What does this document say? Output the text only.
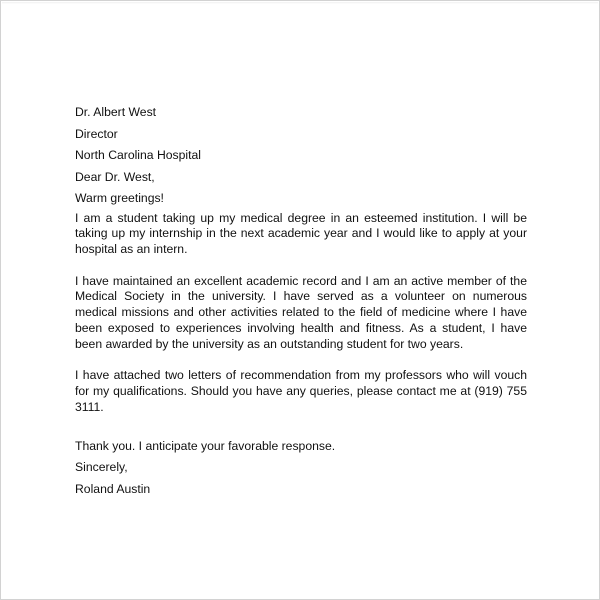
Dr. Albert West
Director
North Carolina Hospital
Dear Dr. West,
Warm greetings!

I am a student taking up my medical degree in an esteemed institution. I will be taking up my internship in the next academic year and I would like to apply at your hospital as an intern.

I have maintained an excellent academic record and I am an active member of the Medical Society in the university. I have served as a volunteer on numerous medical missions and other activities related to the field of medicine where I have been exposed to experiences involving health and fitness. As a student, I have been awarded by the university as an outstanding student for two years.

I have attached two letters of recommendation from my professors who will vouch for my qualifications. Should you have any queries, please contact me at (919) 755 3111.

Thank you. I anticipate your favorable response.
Sincerely,
Roland Austin
